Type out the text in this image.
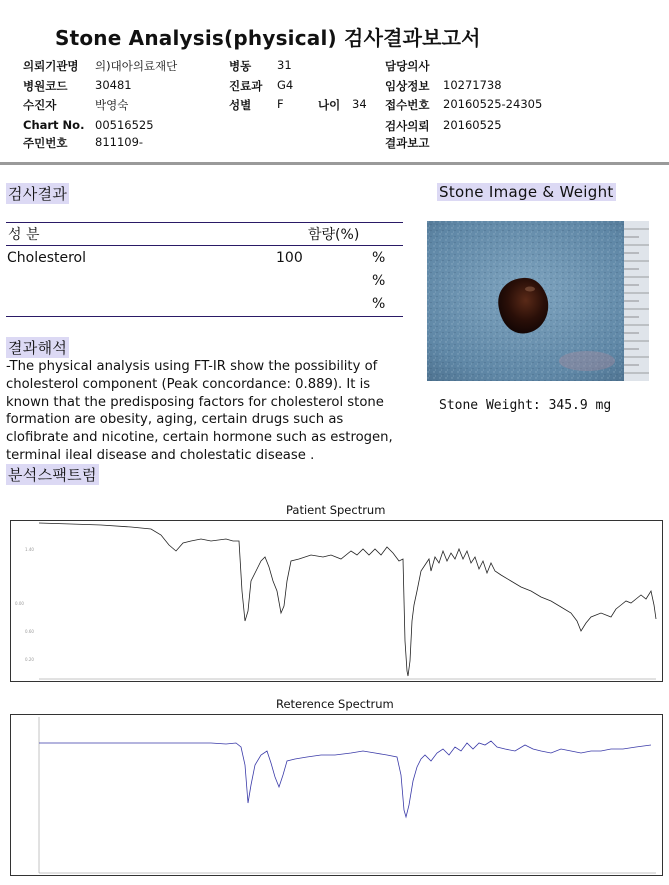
Stone Analysis(physical) 검사결과보고서
의뢰기관명 의)대아의료재단
병원코드 30481
수진자	박영숙
Chart No. 00516525
주민번호 811109-
병동 31
진료과 G4
성별 F	나이 34
담당의사
임상정보 10271738
접수번호 20160525-24305
검사의뢰 20160525
결과보고
검사결과
성 분	함량(%)
Cholesterol	100	%
%
%
결과해석
-The physical analysis using FT-IR show the possibility of
cholesterol component (Peak concordance: 0.889). It is
known that the predisposing factors for cholesterol stone
formation are obesity, aging, certain drugs such as
clofibrate and nicotine, certain hormone such as estrogen,
terminal ileal disease and cholestatic disease .
Stone Image & Weight
Stone Weight: 345.9 mg
분석스팩트럼
Patient Spectrum
1.40
0.00
0.60
0.20
Reterence Spectrum
